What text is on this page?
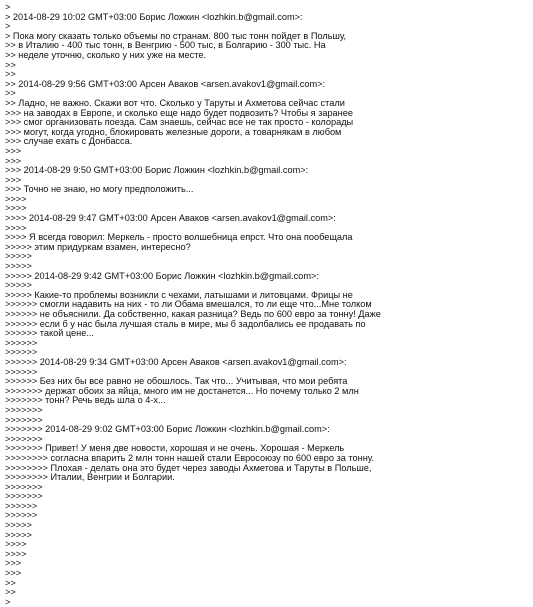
>
> 2014-08-29 10:02 GMT+03:00 Борис Ложкин <lozhkin.b@gmail.com>:
>
> Пока могу сказать только объемы по странам. 800 тыс тонн пойдет в Польшу,
>> в Италию - 400 тыс тонн, в Венгрию - 500 тыс, в Болгарию - 300 тыс. На
>> неделе уточню, сколько у них уже на месте.
>>
>>
>> 2014-08-29 9:56 GMT+03:00 Арсен Аваков <arsen.avakov1@gmail.com>:
>>
>> Ладно, не важно. Скажи вот что. Сколько у Таруты и Ахметова сейчас стали
>>> на заводах в Европе, и сколько еще надо будет подвозить? Чтобы я заранее
>>> смог организовать поезда. Сам знаешь, сейчас все не так просто - колорады
>>> могут, когда угодно, блокировать железные дороги, а товарнякам в любом
>>> случае ехать с Донбасса.
>>>
>>>
>>> 2014-08-29 9:50 GMT+03:00 Борис Ложкин <lozhkin.b@gmail.com>:
>>>
>>> Точно не знаю, но могу предположить...
>>>>
>>>>
>>>> 2014-08-29 9:47 GMT+03:00 Арсен Аваков <arsen.avakov1@gmail.com>:
>>>>
>>>> Я всегда говорил: Меркель - просто волшебница епрст. Что она пообещала
>>>>> этим придуркам взамен, интересно?
>>>>>
>>>>>
>>>>> 2014-08-29 9:42 GMT+03:00 Борис Ложкин <lozhkin.b@gmail.com>:
>>>>>
>>>>> Какие-то проблемы возникли с чехами, латышами и литовцами. Фрицы не
>>>>>> смогли надавить на них - то ли Обама вмешался, то ли еще что...Мне толком
>>>>>> не объяснили. Да собственно, какая разница? Ведь по 600 евро за тонну! Даже
>>>>>> если б у нас была лучшая сталь в мире, мы б задолбались ее продавать по
>>>>>> такой цене...
>>>>>>
>>>>>>
>>>>>> 2014-08-29 9:34 GMT+03:00 Арсен Аваков <arsen.avakov1@gmail.com>:
>>>>>>
>>>>>> Без них бы все равно не обошлось. Так что... Учитывая, что мои ребята
>>>>>>> держат обоих за яйца, много им не достанется... Но почему только 2 млн
>>>>>>> тонн? Речь ведь шла о 4-х...
>>>>>>>
>>>>>>>
>>>>>>> 2014-08-29 9:02 GMT+03:00 Борис Ложкин <lozhkin.b@gmail.com>:
>>>>>>>
>>>>>>> Привет! У меня две новости, хорошая и не очень. Хорошая - Меркель
>>>>>>>> согласна впарить 2 млн тонн нашей стали Евросоюзу по 600 евро за тонну.
>>>>>>>> Плохая - делать она это будет через заводы Ахметова и Таруты в Польше,
>>>>>>>> Италии, Венгрии и Болгарии.
>>>>>>>
>>>>>>>
>>>>>>
>>>>>>
>>>>>
>>>>>
>>>>
>>>>
>>>
>>>
>>
>>
>
